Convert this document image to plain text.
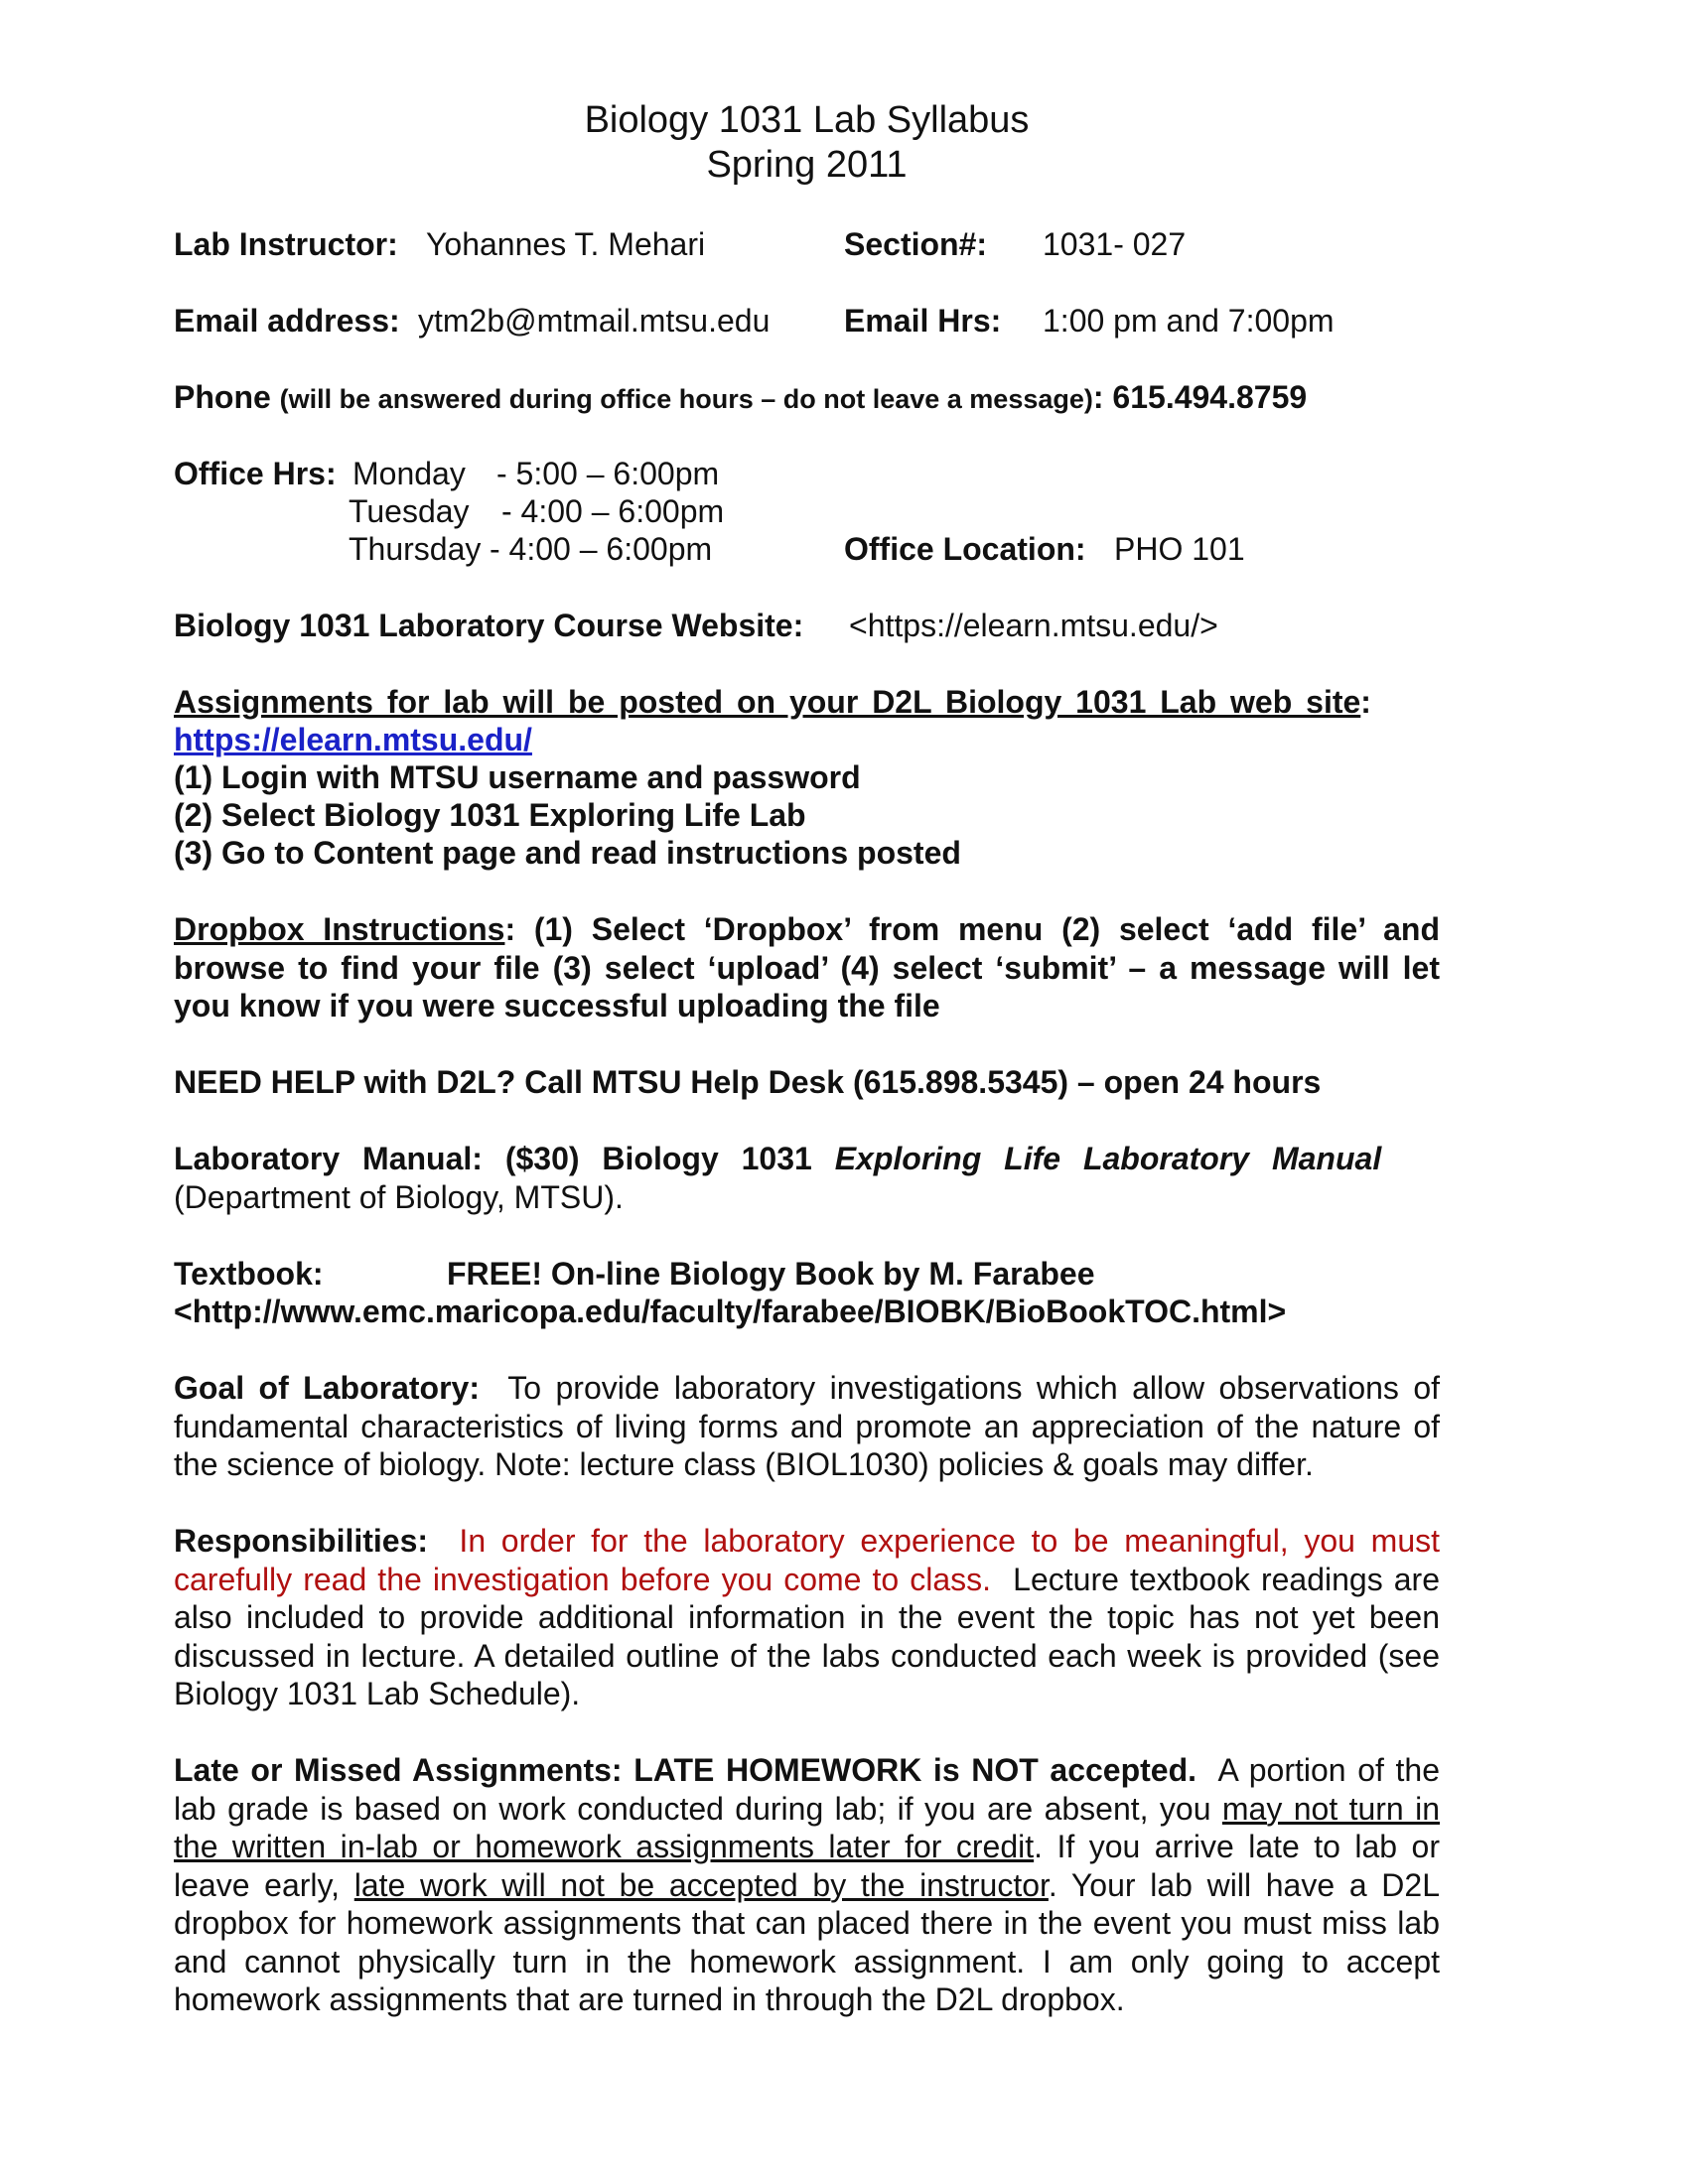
Biology 1031 Lab Syllabus
Spring 2011
Lab Instructor: Yohannes T. Mehari	Section#: 1031- 027
Email address: ytm2b@mtmail.mtsu.edu Email Hrs: 1:00 pm and 7:00pm
Phone (will be answered during office hours – do not leave a message): 615.494.8759
Office Hrs: Monday - 5:00 – 6:00pm
Tuesday - 4:00 – 6:00pm
Thursday - 4:00 – 6:00pm	Office Location: PHO 101
Biology 1031 Laboratory Course Website: <https://elearn.mtsu.edu/>
Assignments for lab will be posted on your D2L Biology 1031 Lab web site:
https://elearn.mtsu.edu/
(1) Login with MTSU username and password
(2) Select Biology 1031 Exploring Life Lab
(3) Go to Content page and read instructions posted
Dropbox Instructions: (1) Select ‘Dropbox’ from menu (2) select ‘add file’ and browse to find your file (3) select ‘upload’ (4) select ‘submit’ – a message will let you know if you were successful uploading the file
NEED HELP with D2L? Call MTSU Help Desk (615.898.5345) – open 24 hours
Laboratory Manual: ($30) Biology 1031 Exploring Life Laboratory Manual
(Department of Biology, MTSU).
Textbook:	FREE! On-line Biology Book by M. Farabee
<http://www.emc.maricopa.edu/faculty/farabee/BIOBK/BioBookTOC.html>
Goal of Laboratory: To provide laboratory investigations which allow observations of fundamental characteristics of living forms and promote an appreciation of the nature of the science of biology. Note: lecture class (BIOL1030) policies & goals may differ.
Responsibilities: In order for the laboratory experience to be meaningful, you must carefully read the investigation before you come to class. Lecture textbook readings are also included to provide additional information in the event the topic has not yet been discussed in lecture. A detailed outline of the labs conducted each week is provided (see Biology 1031 Lab Schedule).
Late or Missed Assignments: LATE HOMEWORK is NOT accepted. A portion of the lab grade is based on work conducted during lab; if you are absent, you may not turn in the written in-lab or homework assignments later for credit. If you arrive late to lab or leave early, late work will not be accepted by the instructor. Your lab will have a D2L dropbox for homework assignments that can placed there in the event you must miss lab and cannot physically turn in the homework assignment. I am only going to accept homework assignments that are turned in through the D2L dropbox.
